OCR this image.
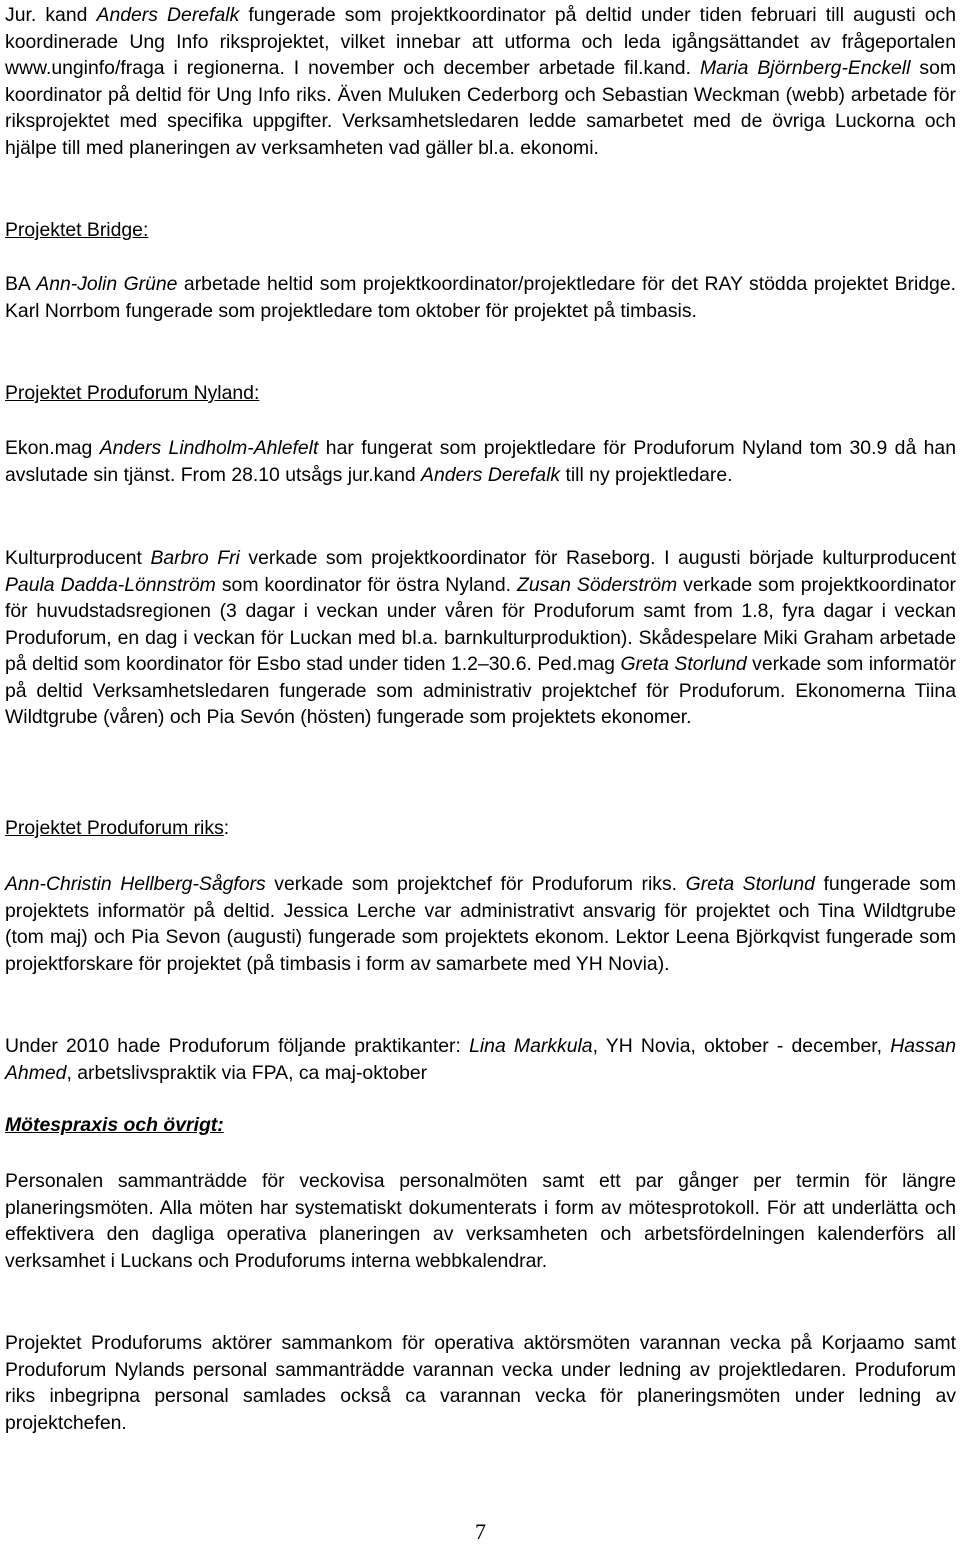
Jur. kand Anders Derefalk fungerade som projektkoordinator på deltid under tiden februari till augusti och koordinerade Ung Info riksprojektet, vilket innebar att utforma och leda igångsättandet av frågeportalen www.unginfo/fraga i regionerna. I november och december arbetade fil.kand. Maria Björnberg-Enckell som koordinator på deltid för Ung Info riks. Även Muluken Cederborg och Sebastian Weckman (webb) arbetade för riksprojektet med specifika uppgifter. Verksamhetsledaren ledde samarbetet med de övriga Luckorna och hjälpe till med planeringen av verksamheten vad gäller bl.a. ekonomi.

Projektet Bridge:

BA Ann-Jolin Grüne arbetade heltid som projektkoordinator/projektledare för det RAY stödda projektet Bridge. Karl Norrbom fungerade som projektledare tom oktober för projektet på timbasis.

Projektet Produforum Nyland:

Ekon.mag Anders Lindholm-Ahlefelt har fungerat som projektledare för Produforum Nyland tom 30.9 då han avslutade sin tjänst. From 28.10 utsågs jur.kand Anders Derefalk till ny projektledare.

Kulturproducent Barbro Fri verkade som projektkoordinator för Raseborg. I augusti började kulturproducent Paula Dadda-Lönnström som koordinator för östra Nyland. Zusan Söderström verkade som projektkoordinator för huvudstadsregionen (3 dagar i veckan under våren för Produforum samt from 1.8, fyra dagar i veckan Produforum, en dag i veckan för Luckan med bl.a. barnkulturproduktion). Skådespelare Miki Graham arbetade på deltid som koordinator för Esbo stad under tiden 1.2–30.6. Ped.mag Greta Storlund verkade som informatör på deltid Verksamhetsledaren fungerade som administrativ projektchef för Produforum. Ekonomerna Tiina Wildtgrube (våren) och Pia Sevón (hösten) fungerade som projektets ekonomer.

Projektet Produforum riks:

Ann-Christin Hellberg-Sågfors verkade som projektchef för Produforum riks. Greta Storlund fungerade som projektets informatör på deltid. Jessica Lerche var administrativt ansvarig för projektet och Tina Wildtgrube (tom maj) och Pia Sevon (augusti) fungerade som projektets ekonom. Lektor Leena Björkqvist fungerade som projektforskare för projektet (på timbasis i form av samarbete med YH Novia).

Under 2010 hade Produforum följande praktikanter: Lina Markkula, YH Novia, oktober - december, Hassan Ahmed, arbetslivspraktik via FPA, ca maj-oktober

Mötespraxis och övrigt:

Personalen sammanträdde för veckovisa personalmöten samt ett par gånger per termin för längre planeringsmöten. Alla möten har systematiskt dokumenterats i form av mötesprotokoll. För att underlätta och effektivera den dagliga operativa planeringen av verksamheten och arbetsfördelningen kalenderförs all verksamhet i Luckans och Produforums interna webbkalendrar.

Projektet Produforums aktörer sammankom för operativa aktörsmöten varannan vecka på Korjaamo samt Produforum Nylands personal sammanträdde varannan vecka under ledning av projektledaren. Produforum riks inbegripna personal samlades också ca varannan vecka för planeringsmöten under ledning av projektchefen.

7
